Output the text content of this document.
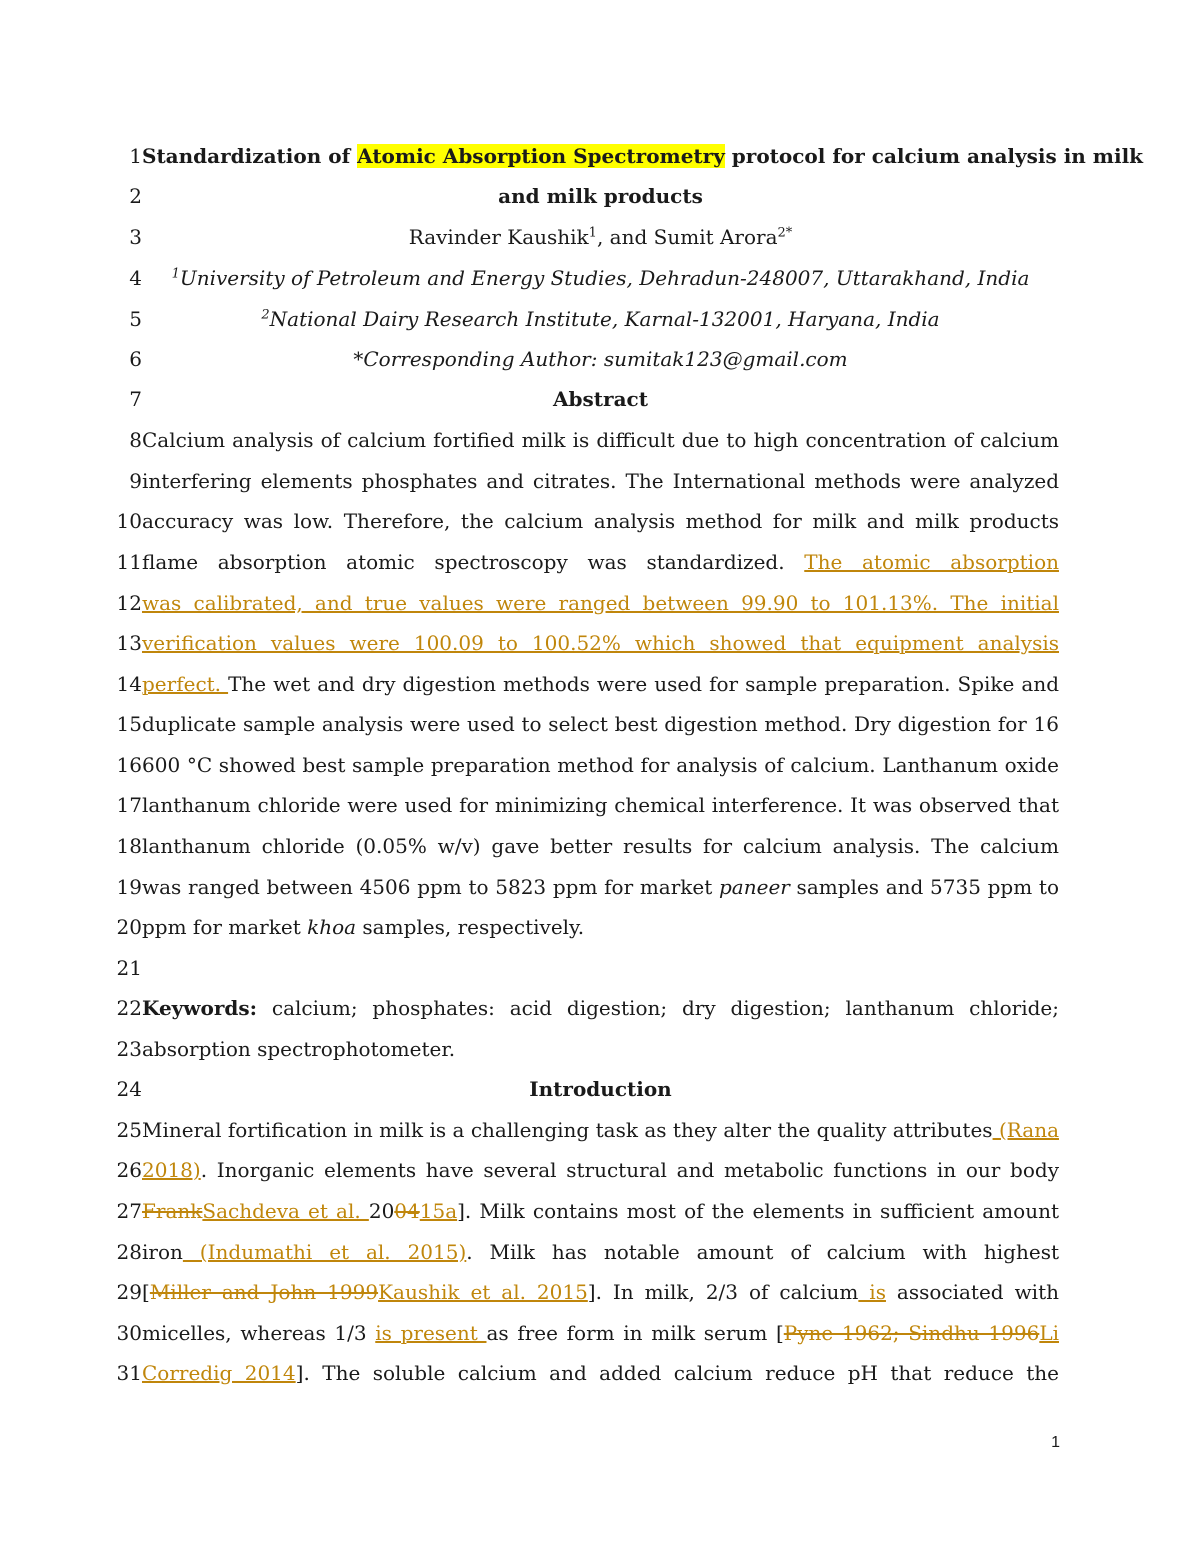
1 Standardization of Atomic Absorption Spectrometry protocol for calcium analysis in milk
2	and milk products
3	Ravinder Kaushik$^1$, and Sumit Arora$^{2*}$
4	$^1$University of Petroleum and Energy Studies, Dehradun-248007, Uttarakhand, India
5	$^2$National Dairy Research Institute, Karnal-132001, Haryana, India
6	*Corresponding Author: sumitak123@gmail.com
7	Abstract
8 Calcium analysis of calcium fortified milk is difficult due to high concentration of calcium
9 interfering elements phosphates and citrates. The International methods were analyzed
10 accuracy was low. Therefore, the calcium analysis method for milk and milk products
11 flame absorption atomic spectroscopy was standardized. The atomic absorption
12 was calibrated, and true values were ranged between 99.90 to 101.13%. The initial
13 verification values were 100.09 to 100.52% which showed that equipment analysis
14 perfect. The wet and dry digestion methods were used for sample preparation. Spike and
15 duplicate sample analysis were used to select best digestion method. Dry digestion for 16
16 600 °C showed best sample preparation method for analysis of calcium. Lanthanum oxide
17 lanthanum chloride were used for minimizing chemical interference. It was observed that
18 lanthanum chloride (0.05% w/v) gave better results for calcium analysis. The calcium
19 was ranged between 4506 ppm to 5823 ppm for market paneer samples and 5735 ppm to
20 ppm for market khoa samples, respectively.
21
22 Keywords: calcium; phosphates: acid digestion; dry digestion; lanthanum chloride;
23 absorption spectrophotometer.
24	Introduction
25 Mineral fortification in milk is a challenging task as they alter the quality attributes (Rana
26 2018). Inorganic elements have several structural and metabolic functions in our body
27 FrankSachdeva et al. 200415a]. Milk contains most of the elements in sufficient amount
28 iron (Indumathi et al. 2015). Milk has notable amount of calcium with highest
29 [Miller and John 1999Kaushik et al. 2015]. In milk, 2/3 of calcium is associated with
30 micelles, whereas 1/3 is present as free form in milk serum [Pyne 1962; Sindhu 1996Li
31 Corredig 2014]. The soluble calcium and added calcium reduce pH that reduce the
1
